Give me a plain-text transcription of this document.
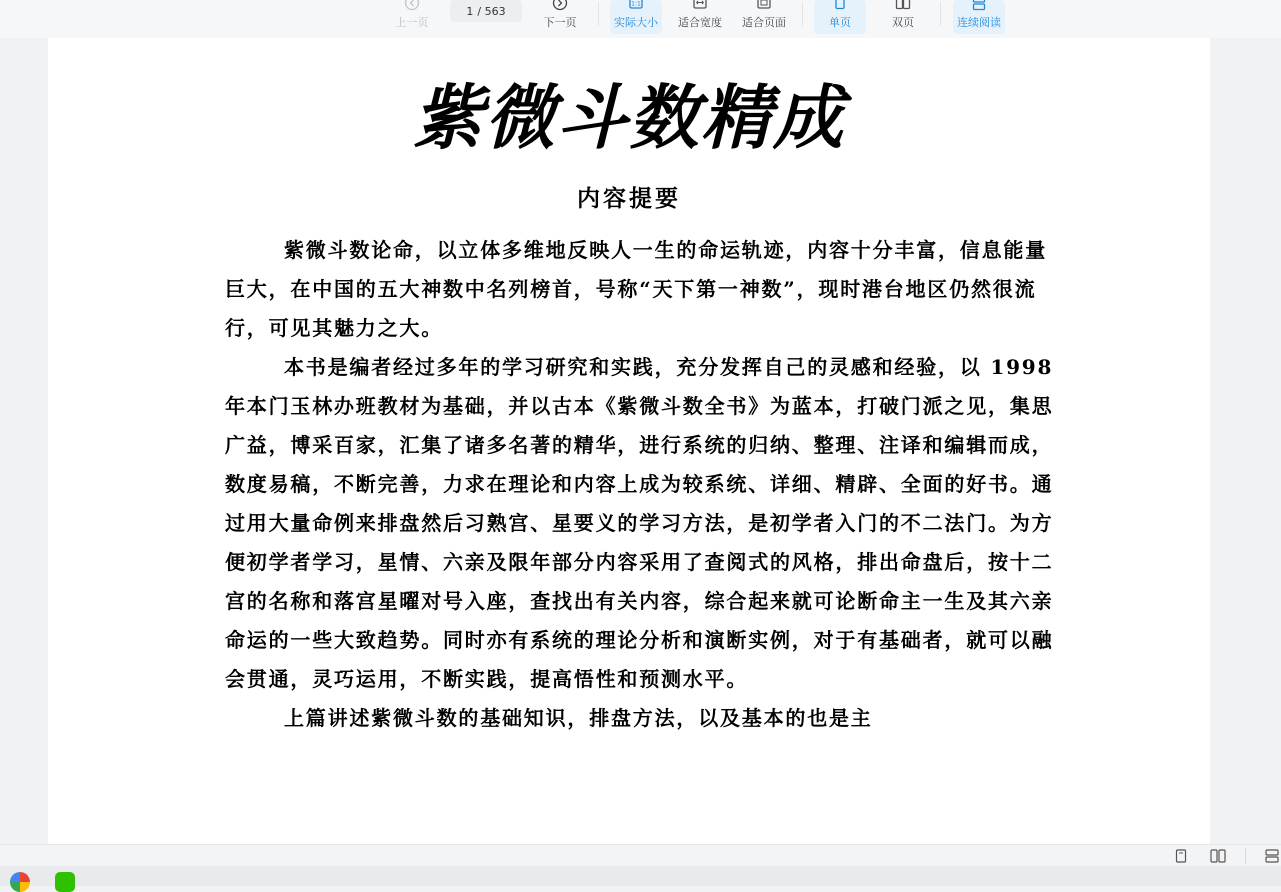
上一页
1 / 563
下一页
1:1
实际大小 适合宽度 适合页面	单页	双页	连续阅读
紫微斗数精成
内容提要

紫微斗数论命，以立体多维地反映人一生的命运轨迹，内容十分丰富，信息能量巨大，在中国的五大神数中名列榜首，号称“天下第一神数”，现时港台地区仍然很流行，可见其魅力之大。

本书是编者经过多年的学习研究和实践，充分发挥自己的灵感和经验，以 1998 年本门玉林办班教材为基础，并以古本《紫微斗数全书》为蓝本，打破门派之见，集思广益，博采百家，汇集了诸多名著的精华，进行系统的归纳、整理、注译和编辑而成，数度易稿，不断完善，力求在理论和内容上成为较系统、详细、精辟、全面的好书。通过用大量命例来排盘然后习熟宫、星要义的学习方法，是初学者入门的不二法门。为方便初学者学习，星情、六亲及限年部分内容采用了查阅式的风格，排出命盘后，按十二宫的名称和落宫星曜对号入座，查找出有关内容，综合起来就可论断命主一生及其六亲命运的一些大致趋势。同时亦有系统的理论分析和演断实例，对于有基础者，就可以融会贯通，灵巧运用，不断实践，提高悟性和预测水平。

上篇讲述紫微斗数的基础知识，排盘方法，以及基本的也是主
